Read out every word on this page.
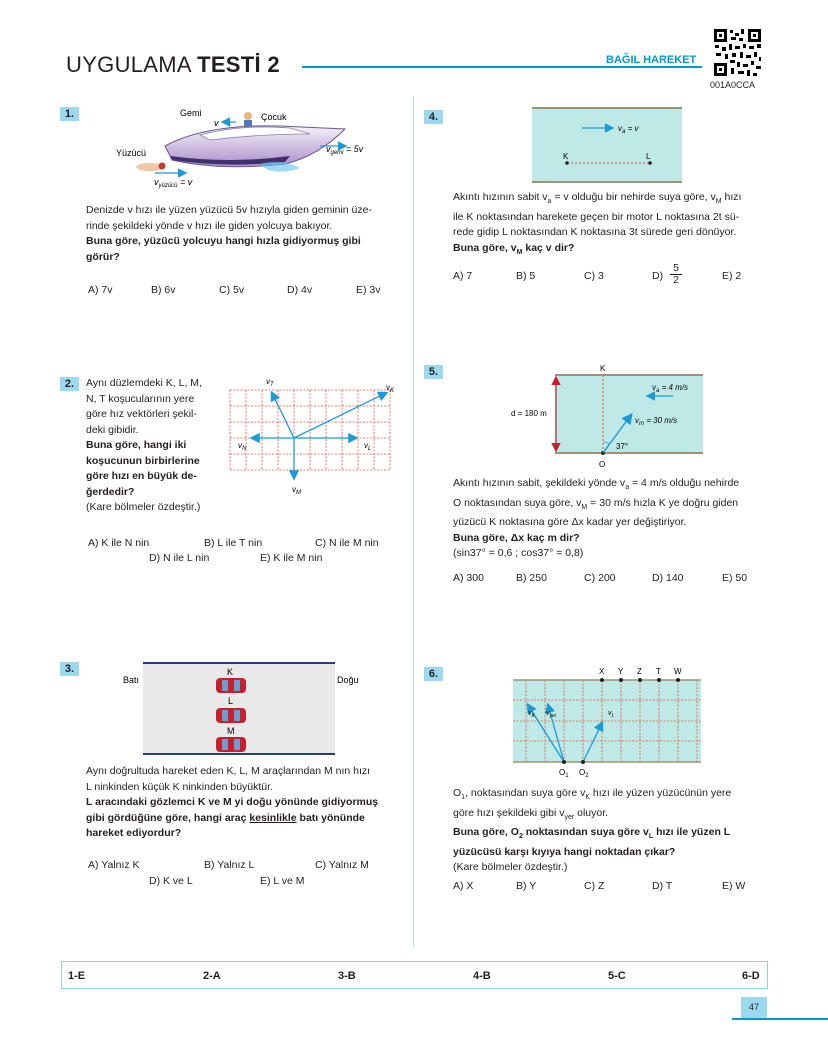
UYGULAMA TESTİ 2	BAĞIL HAREKET
001A0CCA
1.	Gemi
v
Çocuk
$v_{gemi} = 5v$
Yüzücü
$v_{yüzücü} = v$
Denizde v hızı ile yüzen yüzücü 5v hızıyla giden geminin üze-
rinde şekildeki yönde v hızı ile giden yolcuya bakıyor.
Buna göre, yüzücü yolcuyu hangi hızla gidiyormuş gibi
görür?
A) 7v	B) 6v	C) 5v	D) 4v	E) 3v
2.	Aynı düzlemdeki K, L, M,
N, T koşucularının yere
göre hız vektörleri şekil-
deki gibidir.
Buna göre, hangi iki
koşucunun birbirlerine
göre hızı en büyük de-
ğerdedir?
(Kare bölmeler özdeştir.)
$v_T$	$v_K$
$v_N$	$v_L$
$v_M$
A) K ile N nin	B) L ile T nin	C) N ile M nin
D) N ile L nin	E) K ile M nin
3.
Batı	Doğu
K
L
M
Aynı doğrultuda hareket eden K, L, M araçlarından M nın hızı
L ninkinden küçük K ninkinden büyüktür.
L aracındaki gözlemci K ve M yi doğu yönünde gidiyormuş
gibi gördüğüne göre, hangi araç kesinlikle batı yönünde
hareket ediyordur?
A) Yalnız K	B) Yalnız L	C) Yalnız M
D) K ve L	E) L ve M
4.
$v_a = v$
K	L
Akıntı hızının sabit $v_a = v$ olduğu bir nehirde suya göre, $v_M$ hızı
ile K noktasından harekete geçen bir motor L noktasına 2t sü-
rede gidip L noktasından K noktasına 3t sürede geri dönüyor.
Buna göre, $v_M$ kaç v dir?
A) 7	B) 5	C) 3	D)
5
2	E) 2
5.
d = 180 m
K
O
$v_a = 4$ m/s
$v_m = 30$ m/s
37°
Akıntı hızının sabit, şekildeki yönde $v_a = 4$ m/s olduğu nehirde
O noktasından suya göre, $v_M = 30$ m/s hızla K ye doğru giden
yüzücü K noktasına göre Δx kadar yer değiştiriyor.
Buna göre, Δx kaç m dir?
(sin37° = 0,6 ; cos37° = 0,8)
A) 300	B) 250	C) 200	D) 140	E) 50
6.	X Y Z T W
$v_K$ $v_{yer}$	$v_L$
$O_1$ $O_2$
$O_1$, noktasından suya göre $v_K$ hızı ile yüzen yüzücünün yere
göre hızı şekildeki gibi $v_{yer}$ oluyor.
Buna göre, $O_2$ noktasından suya göre $v_L$ hızı ile yüzen L
yüzücüsü karşı kıyıya hangi noktadan çıkar?
(Kare bölmeler özdeştir.)
A) X	B) Y	C) Z	D) T	E) W
1-E	2-A	3-B	4-B	5-C	6-D
47
